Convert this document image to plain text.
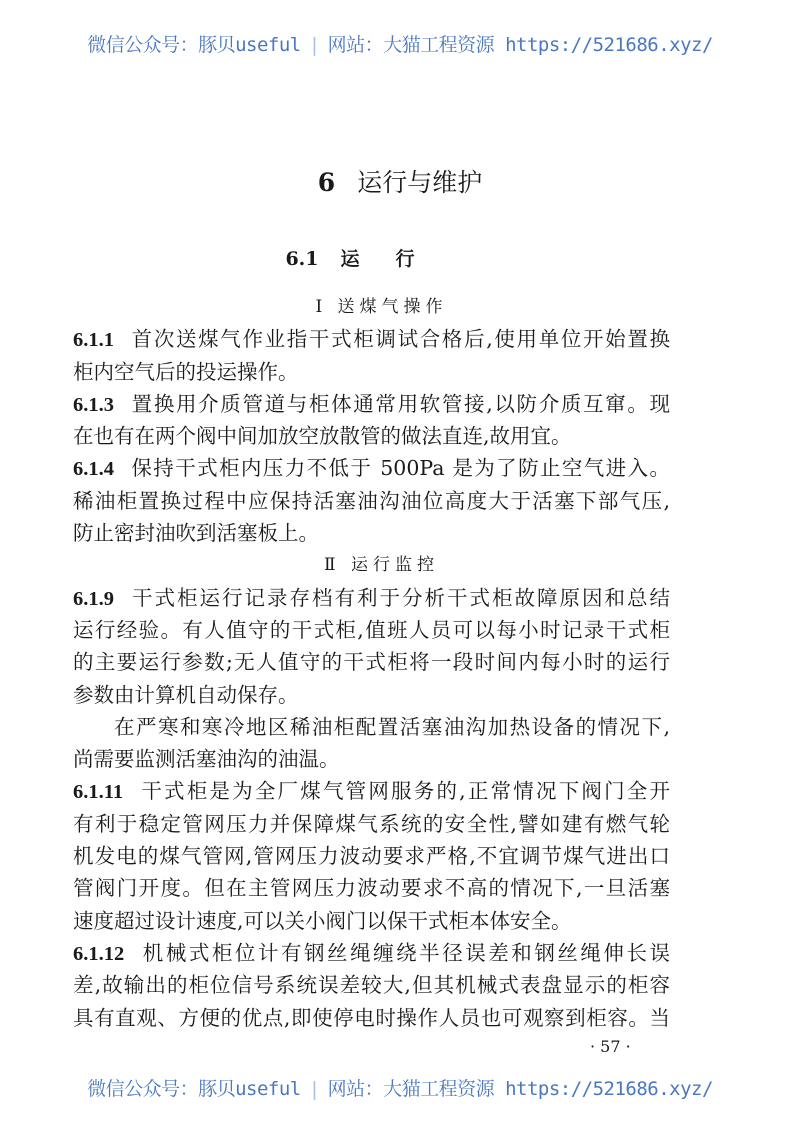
微信公众号：豚贝useful | 网站：大猫工程资源 https://521686.xyz/
6 运行与维护
6.1 运行
Ⅰ 送煤气操作
6.1.1 首次送煤气作业指干式柜调试合格后,使用单位开始置换
柜内空气后的投运操作。
6.1.3 置换用介质管道与柜体通常用软管接,以防介质互窜。现
在也有在两个阀中间加放空放散管的做法直连,故用宜。
6.1.4 保持干式柜内压力不低于 500Pa 是为了防止空气进入。
稀油柜置换过程中应保持活塞油沟油位高度大于活塞下部气压,
防止密封油吹到活塞板上。
Ⅱ 运行监控
6.1.9 干式柜运行记录存档有利于分析干式柜故障原因和总结
运行经验。有人值守的干式柜,值班人员可以每小时记录干式柜
的主要运行参数;无人值守的干式柜将一段时间内每小时的运行
参数由计算机自动保存。
在严寒和寒冷地区稀油柜配置活塞油沟加热设备的情况下,
尚需要监测活塞油沟的油温。
6.1.11 干式柜是为全厂煤气管网服务的,正常情况下阀门全开
有利于稳定管网压力并保障煤气系统的安全性,譬如建有燃气轮
机发电的煤气管网,管网压力波动要求严格,不宜调节煤气进出口
管阀门开度。但在主管网压力波动要求不高的情况下,一旦活塞
速度超过设计速度,可以关小阀门以保干式柜本体安全。
6.1.12 机械式柜位计有钢丝绳缠绕半径误差和钢丝绳伸长误
差,故输出的柜位信号系统误差较大,但其机械式表盘显示的柜容
具有直观、方便的优点,即使停电时操作人员也可观察到柜容。当
· 57 ·
微信公众号：豚贝useful | 网站：大猫工程资源 https://521686.xyz/
